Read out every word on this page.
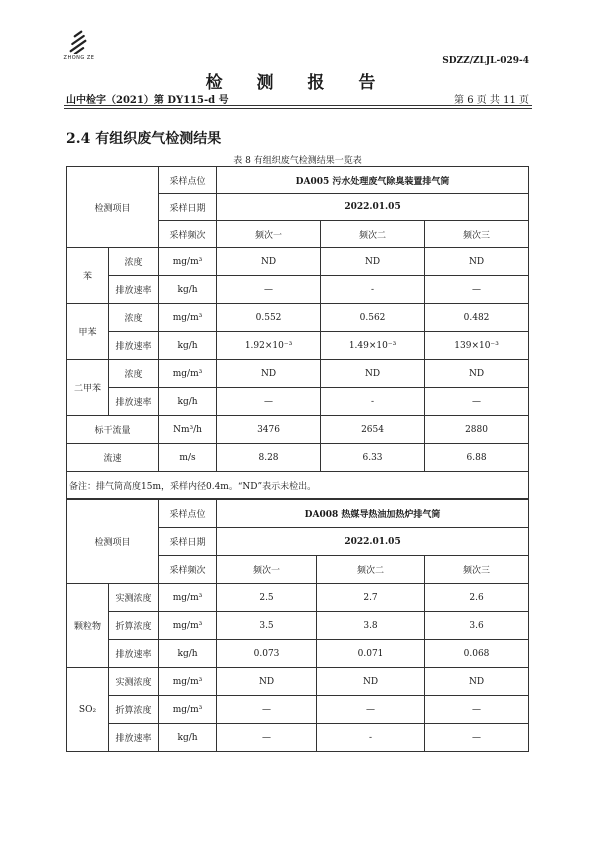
ZHONG ZE	SDZZ/ZLJL-029-4
检 测 报 告
山中检字（2021）第 DY115-d 号	第 6 页 共 11 页
2.4 有组织废气检测结果
表 8 有组织废气检测结果一览表
检测项目		采样点位	DA005 污水处理废气除臭装置排气筒		
		采样日期	2022.01.05		
		采样频次	频次一	频次二	频次三
苯	浓度	mg/m³	ND	ND	ND
	排放速率	kg/h	—	-	—
甲苯	浓度	mg/m³	0.552	0.562	0.482
	排放速率	kg/h	1.92×10⁻³	1.49×10⁻³	139×10⁻³
二甲苯	浓度	mg/m³	ND	ND	ND
	排放速率	kg/h	—	-	—
标干流量		Nm³/h	3476	2654	2880
流速		m/s	8.28	6.33	6.88
备注：排气筒高度15m，采样内径0.4m。“ND”表示未检出。					
检测项目		采样点位	DA008 热媒导热油加热炉排气筒		
		采样日期	2022.01.05		
		采样频次	频次一	频次二	频次三
颗粒物	实测浓度	mg/m³	2.5	2.7	2.6
	折算浓度	mg/m³	3.5	3.8	3.6
	排放速率	kg/h	0.073	0.071	0.068
SO₂	实测浓度	mg/m³	ND	ND	ND
	折算浓度	mg/m³	—	—	—
	排放速率	kg/h	—	-	—
